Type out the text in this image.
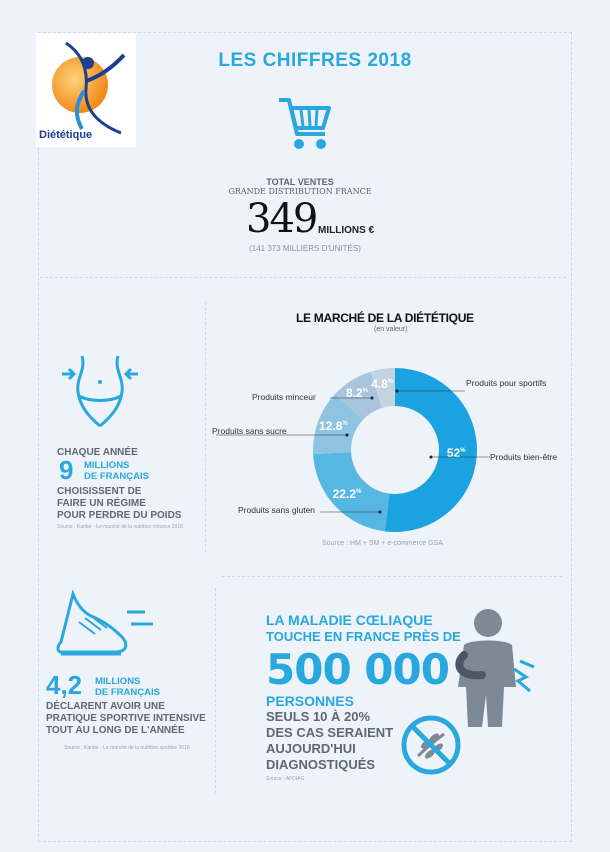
Diététique
LES CHIFFRES 2018
TOTAL VENTES
GRANDE DISTRIBUTION FRANCE
349 MILLIONS €
(141 373 MILLIERS D'UNITÉS)
CHAQUE ANNÉE
9 MILLIONS
DE FRANÇAIS
CHOISISSENT DE
FAIRE UN RÉGIME
POUR PERDRE DU POIDS
Source : Kantar - Le marché de la nutrition minceur 2016
LE MARCHÉ DE LA DIÉTÉTIQUE
(en valeur)
52%
22.2%
12.8%
8.2%
4.8%	Produits pour sportifs
Produits minceur
Produits sans sucre
Produits bien-être
Produits sans gluten
Source : HM + SM + e-commerce GSA
4,2 MILLIONS
DE FRANÇAIS
DÉCLARENT AVOIR UNE
PRATIQUE SPORTIVE INTENSIVE
TOUT AU LONG DE L'ANNÉE
Source : Kantar - Le marché de la nutrition sportive 2016
LA MALADIE CŒLIAQUE
TOUCHE EN FRANCE PRÈS DE
500 000
PERSONNES
SEULS 10 À 20%
DES CAS SERAIENT
AUJOURD'HUI
DIAGNOSTIQUÉS
Source : AFDIAG
